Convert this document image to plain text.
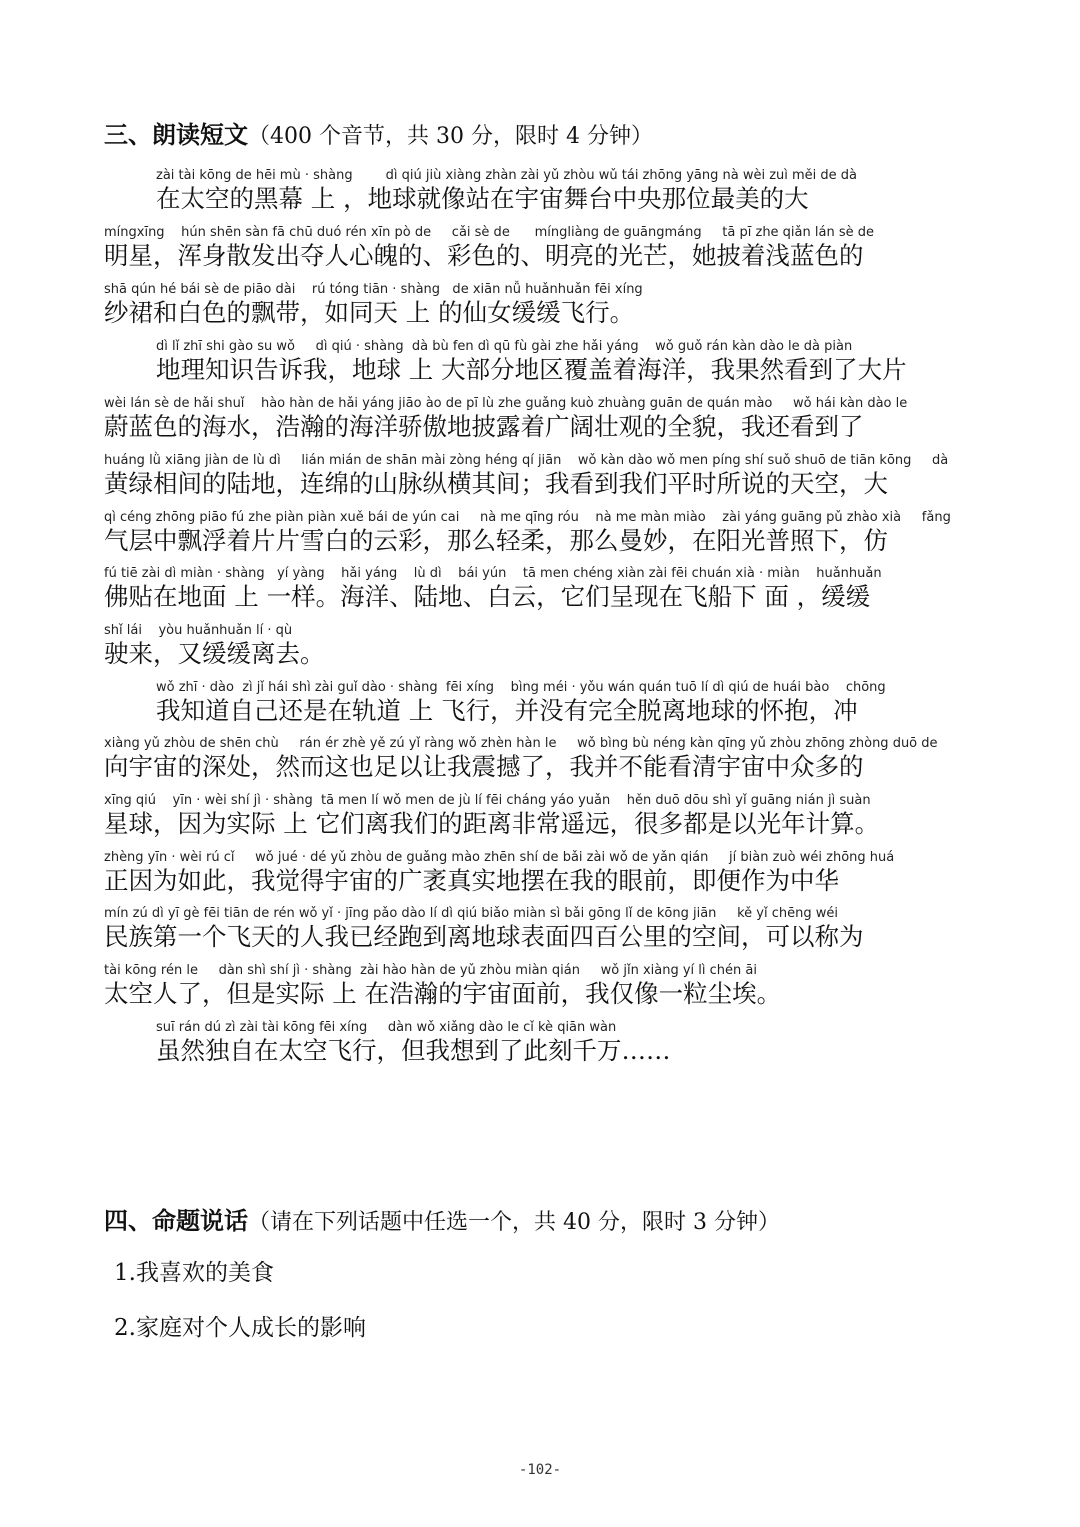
三、朗读短文（400 个音节，共 30 分，限时 4 分钟）
zài tài kōng de hēi mù · shàng        dì qiú jiù xiàng zhàn zài yǔ zhòu wǔ tái zhōng yāng nà wèi zuì měi de dà
在太空的黑幕 上 ，地球就像站在宇宙舞台中央那位最美的大
míngxīng    hún shēn sàn fā chū duó rén xīn pò de     cǎi sè de      míngliàng de guāngmáng     tā pī zhe qiǎn lán sè de
明星，浑身散发出夺人心魄的、彩色的、明亮的光芒，她披着浅蓝色的
shā qún hé bái sè de piāo dài    rú tóng tiān · shàng   de xiān nǚ huǎnhuǎn fēi xíng
纱裙和白色的飘带，如同天 上 的仙女缓缓飞行。
dì lǐ zhī shi gào su wǒ     dì qiú · shàng  dà bù fen dì qū fù gài zhe hǎi yáng    wǒ guǒ rán kàn dào le dà piàn
地理知识告诉我，地球 上 大部分地区覆盖着海洋，我果然看到了大片
wèi lán sè de hǎi shuǐ    hào hàn de hǎi yáng jiāo ào de pī lù zhe guǎng kuò zhuàng guān de quán mào     wǒ hái kàn dào le
蔚蓝色的海水，浩瀚的海洋骄傲地披露着广阔壮观的全貌，我还看到了
huáng lǜ xiāng jiàn de lù dì     lián mián de shān mài zòng héng qí jiān    wǒ kàn dào wǒ men píng shí suǒ shuō de tiān kōng     dà
黄绿相间的陆地，连绵的山脉纵横其间；我看到我们平时所说的天空，大
qì céng zhōng piāo fú zhe piàn piàn xuě bái de yún cai     nà me qīng róu    nà me màn miào    zài yáng guāng pǔ zhào xià     fǎng
气层中飘浮着片片雪白的云彩，那么轻柔，那么曼妙，在阳光普照下，仿
fú tiē zài dì miàn · shàng   yí yàng    hǎi yáng    lù dì    bái yún    tā men chéng xiàn zài fēi chuán xià · miàn    huǎnhuǎn
佛贴在地面 上 一样。海洋、陆地、白云，它们呈现在飞船下 面 ，缓缓
shǐ lái    yòu huǎnhuǎn lí · qù
驶来，又缓缓离去。
wǒ zhī · dào  zì jǐ hái shì zài guǐ dào · shàng  fēi xíng    bìng méi · yǒu wán quán tuō lí dì qiú de huái bào    chōng
我知道自己还是在轨道 上 飞行，并没有完全脱离地球的怀抱，冲
xiàng yǔ zhòu de shēn chù     rán ér zhè yě zú yǐ ràng wǒ zhèn hàn le     wǒ bìng bù néng kàn qīng yǔ zhòu zhōng zhòng duō de
向宇宙的深处，然而这也足以让我震撼了，我并不能看清宇宙中众多的
xīng qiú    yīn · wèi shí jì · shàng  tā men lí wǒ men de jù lí fēi cháng yáo yuǎn    hěn duō dōu shì yǐ guāng nián jì suàn
星球，因为实际 上 它们离我们的距离非常遥远，很多都是以光年计算。
zhèng yīn · wèi rú cǐ     wǒ jué · dé yǔ zhòu de guǎng mào zhēn shí de bǎi zài wǒ de yǎn qián     jí biàn zuò wéi zhōng huá
正因为如此，我觉得宇宙的广袤真实地摆在我的眼前，即便作为中华
mín zú dì yī gè fēi tiān de rén wǒ yǐ · jīng pǎo dào lí dì qiú biǎo miàn sì bǎi gōng lǐ de kōng jiān     kě yǐ chēng wéi
民族第一个飞天的人我已经跑到离地球表面四百公里的空间，可以称为
tài kōng rén le     dàn shì shí jì · shàng  zài hào hàn de yǔ zhòu miàn qián     wǒ jǐn xiàng yí lì chén āi
太空人了，但是实际 上 在浩瀚的宇宙面前，我仅像一粒尘埃。
suī rán dú zì zài tài kōng fēi xíng     dàn wǒ xiǎng dào le cǐ kè qiān wàn
虽然独自在太空飞行，但我想到了此刻千万……
四、命题说话（请在下列话题中任选一个，共 40 分，限时 3 分钟）
1.我喜欢的美食
2.家庭对个人成长的影响
-102-
